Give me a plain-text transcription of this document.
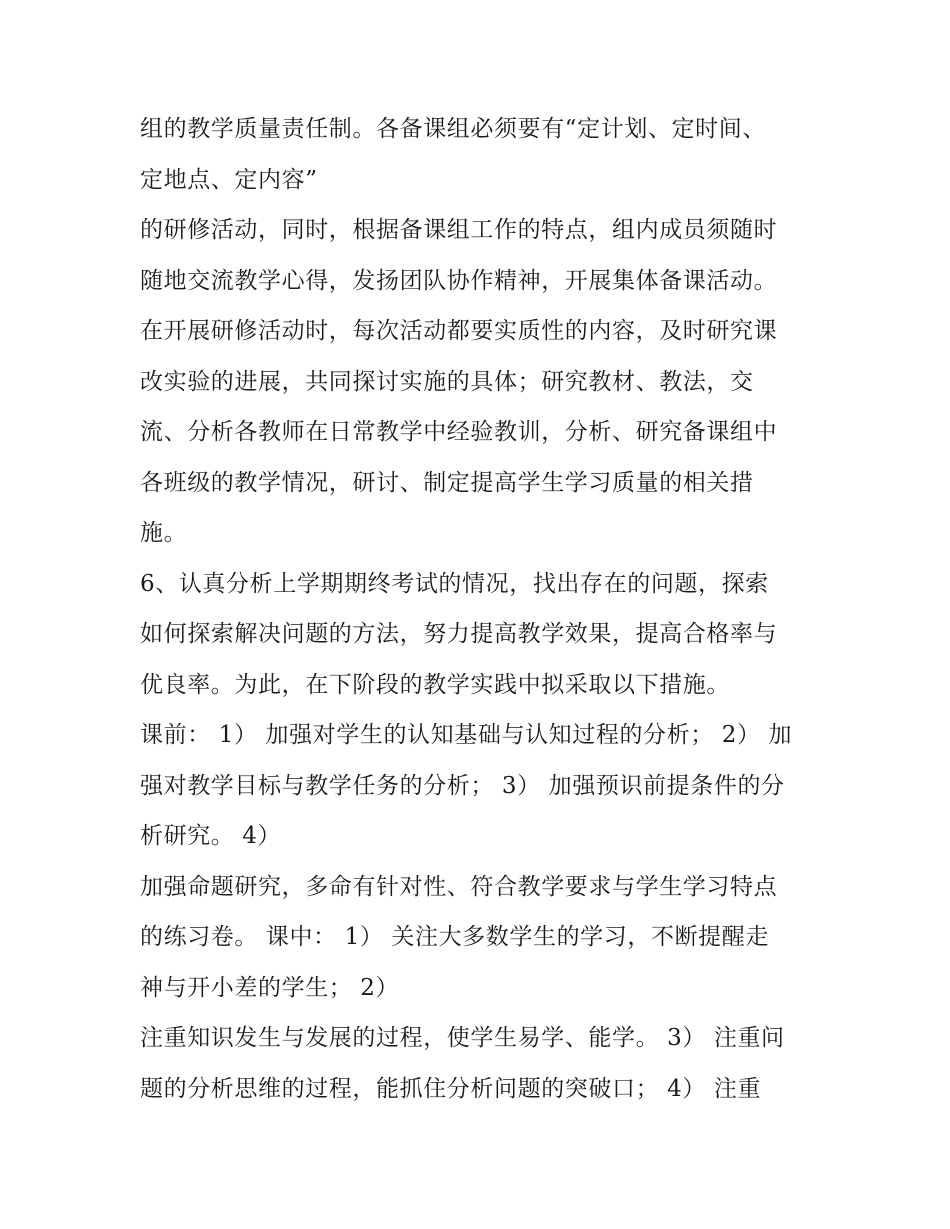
组的教学质量责任制。各备课组必须要有“定计划、定时间、
定地点、定内容”
的研修活动，同时，根据备课组工作的特点，组内成员须随时
随地交流教学心得，发扬团队协作精神，开展集体备课活动。
在开展研修活动时，每次活动都要实质性的内容，及时研究课
改实验的进展，共同探讨实施的具体；研究教材、教法，交
流、分析各教师在日常教学中经验教训，分析、研究备课组中
各班级的教学情况，研讨、制定提高学生学习质量的相关措
施。
6、认真分析上学期期终考试的情况，找出存在的问题，探索
如何探索解决问题的方法，努力提高教学效果，提高合格率与
优良率。为此，在下阶段的教学实践中拟采取以下措施。
课前： 1） 加强对学生的认知基础与认知过程的分析； 2） 加
强对教学目标与教学任务的分析； 3） 加强预识前提条件的分
析研究。 4）
加强命题研究，多命有针对性、符合教学要求与学生学习特点
的练习卷。 课中： 1） 关注大多数学生的学习，不断提醒走
神与开小差的学生； 2）
注重知识发生与发展的过程，使学生易学、能学。 3） 注重问
题的分析思维的过程，能抓住分析问题的突破口； 4） 注重
